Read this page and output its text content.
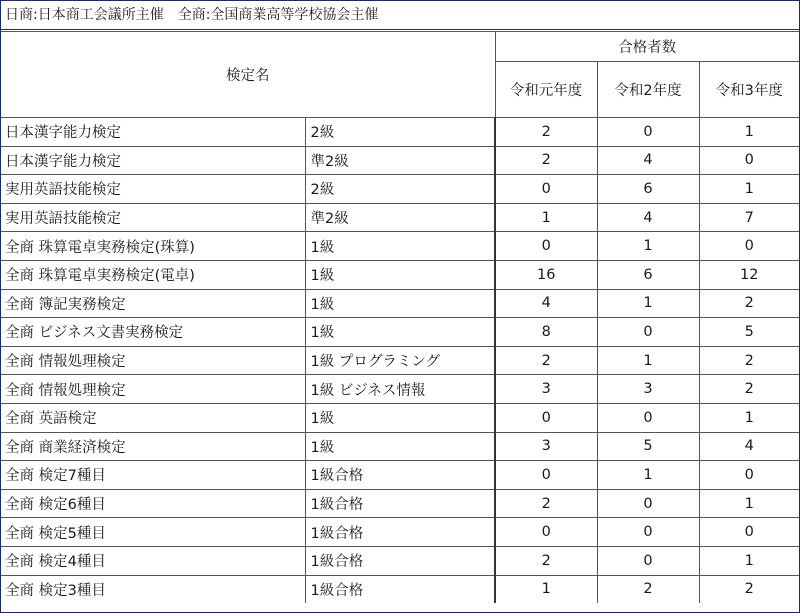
日商:日本商工会議所主催　全商:全国商業高等学校協会主催
検定名		合格者数		
		令和元年度	令和2年度	令和3年度
日本漢字能力検定	2級	2	0	1
日本漢字能力検定	準2級	2	4	0
実用英語技能検定	2級	0	6	1
実用英語技能検定	準2級	1	4	7
全商 珠算電卓実務検定(珠算)	1級	0	1	0
全商 珠算電卓実務検定(電卓)	1級	16	6	12
全商 簿記実務検定	1級	4	1	2
全商 ビジネス文書実務検定	1級	8	0	5
全商 情報処理検定	1級 プログラミング	2	1	2
全商 情報処理検定	1級 ビジネス情報	3	3	2
全商 英語検定	1級	0	0	1
全商 商業経済検定	1級	3	5	4
全商 検定7種目	1級合格	0	1	0
全商 検定6種目	1級合格	2	0	1
全商 検定5種目	1級合格	0	0	0
全商 検定4種目	1級合格	2	0	1
全商 検定3種目	1級合格	1	2	2
